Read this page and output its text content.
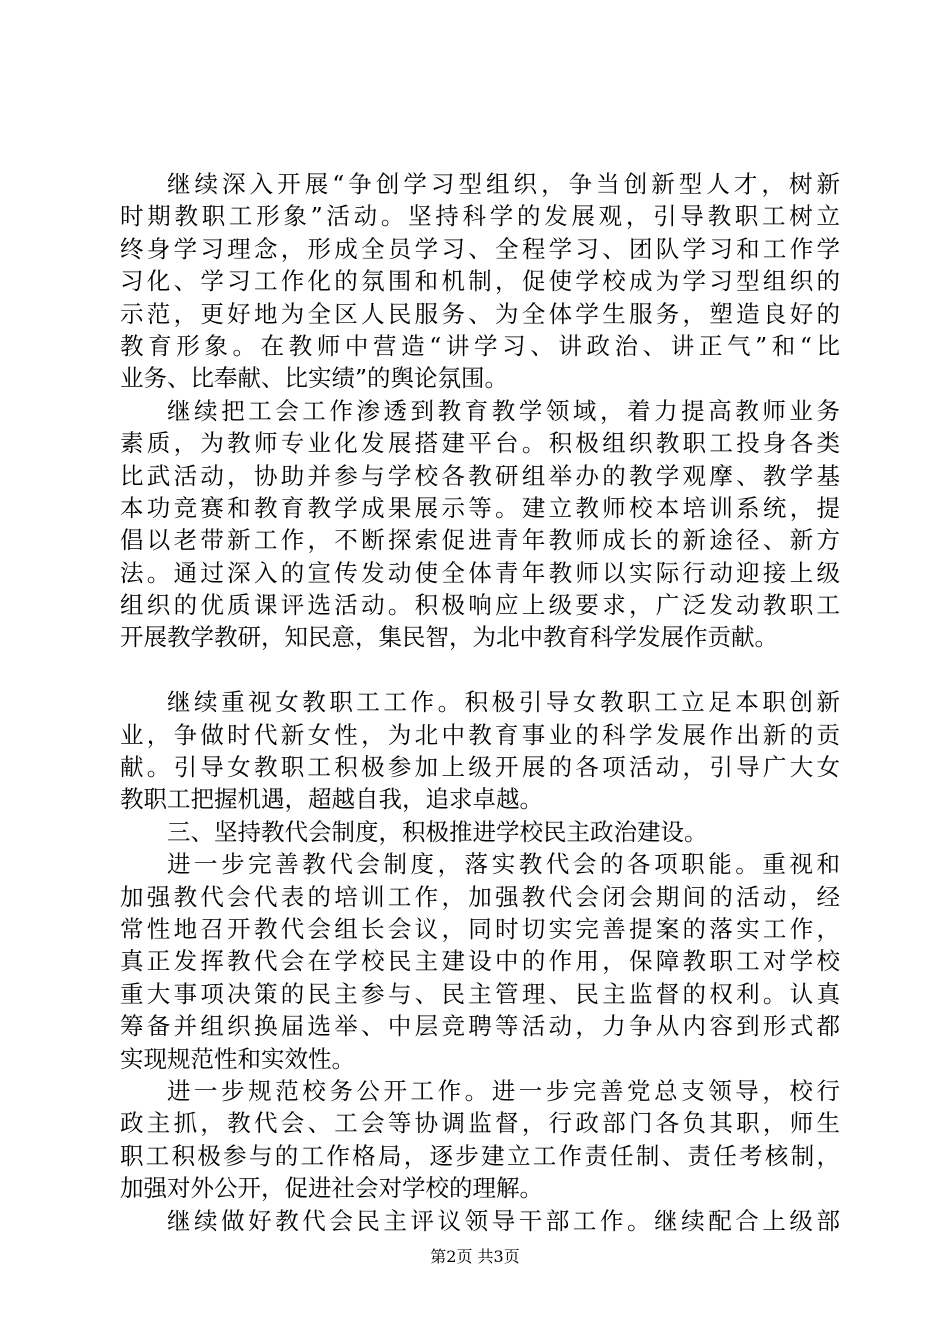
继续深入开展“争创学习型组织，争当创新型人才，树新
时期教职工形象”活动。坚持科学的发展观，引导教职工树立
终身学习理念，形成全员学习、全程学习、团队学习和工作学
习化、学习工作化的氛围和机制，促使学校成为学习型组织的
示范，更好地为全区人民服务、为全体学生服务，塑造良好的
教育形象。在教师中营造“讲学习、讲政治、讲正气”和“比
业务、比奉献、比实绩”的舆论氛围。
继续把工会工作渗透到教育教学领域，着力提高教师业务
素质，为教师专业化发展搭建平台。积极组织教职工投身各类
比武活动，协助并参与学校各教研组举办的教学观摩、教学基
本功竞赛和教育教学成果展示等。建立教师校本培训系统，提
倡以老带新工作，不断探索促进青年教师成长的新途径、新方
法。通过深入的宣传发动使全体青年教师以实际行动迎接上级
组织的优质课评选活动。积极响应上级要求，广泛发动教职工
开展教学教研，知民意，集民智，为北中教育科学发展作贡献。
继续重视女教职工工作。积极引导女教职工立足本职创新
业，争做时代新女性，为北中教育事业的科学发展作出新的贡
献。引导女教职工积极参加上级开展的各项活动，引导广大女
教职工把握机遇，超越自我，追求卓越。
三、坚持教代会制度，积极推进学校民主政治建设。
进一步完善教代会制度，落实教代会的各项职能。重视和
加强教代会代表的培训工作，加强教代会闭会期间的活动，经
常性地召开教代会组长会议，同时切实完善提案的落实工作，
真正发挥教代会在学校民主建设中的作用，保障教职工对学校
重大事项决策的民主参与、民主管理、民主监督的权利。认真
筹备并组织换届选举、中层竞聘等活动，力争从内容到形式都
实现规范性和实效性。
进一步规范校务公开工作。进一步完善党总支领导，校行
政主抓，教代会、工会等协调监督，行政部门各负其职，师生
职工积极参与的工作格局，逐步建立工作责任制、责任考核制，
加强对外公开，促进社会对学校的理解。
继续做好教代会民主评议领导干部工作。继续配合上级部
第2页 共3页
